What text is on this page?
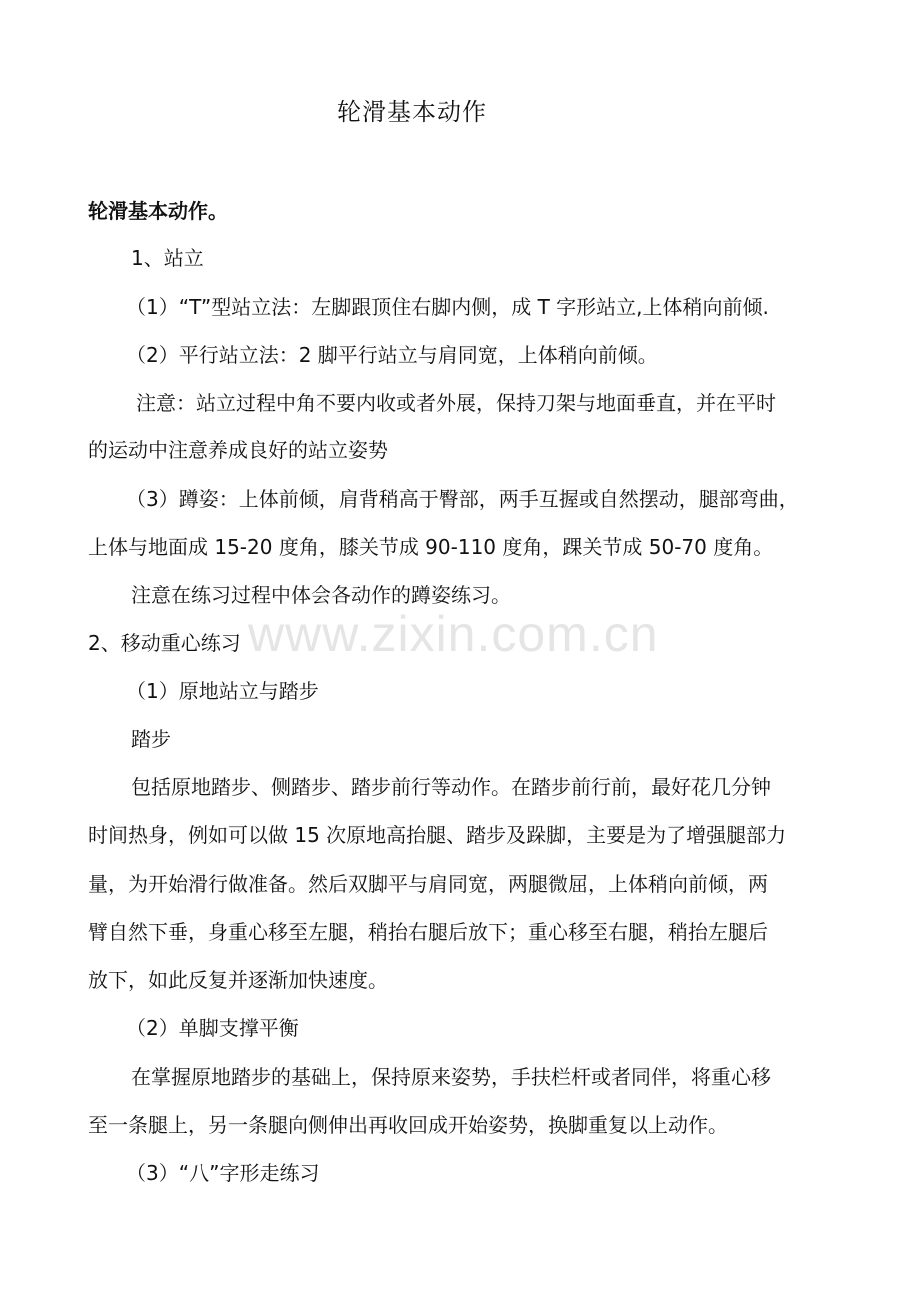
www.zixin.com.cn
轮滑基本动作
轮滑基本动作。
1、站立
（1）“T”型站立法：左脚跟顶住右脚内侧，成 T 字形站立,上体稍向前倾.
（2）平行站立法：2 脚平行站立与肩同宽，上体稍向前倾。
注意：站立过程中角不要内收或者外展，保持刀架与地面垂直，并在平时
的运动中注意养成良好的站立姿势
（3）蹲姿：上体前倾，肩背稍高于臀部，两手互握或自然摆动，腿部弯曲，
上体与地面成 15-20 度角，膝关节成 90-110 度角，踝关节成 50-70 度角。
注意在练习过程中体会各动作的蹲姿练习。
2、移动重心练习
（1）原地站立与踏步
踏步
包括原地踏步、侧踏步、踏步前行等动作。在踏步前行前，最好花几分钟
时间热身，例如可以做 15 次原地高抬腿、踏步及跺脚，主要是为了增强腿部力
量，为开始滑行做准备。然后双脚平与肩同宽，两腿微屈，上体稍向前倾，两
臂自然下垂，身重心移至左腿，稍抬右腿后放下；重心移至右腿，稍抬左腿后
放下，如此反复并逐渐加快速度。
（2）单脚支撑平衡
在掌握原地踏步的基础上，保持原来姿势，手扶栏杆或者同伴，将重心移
至一条腿上，另一条腿向侧伸出再收回成开始姿势，换脚重复以上动作。
（3）“八”字形走练习
